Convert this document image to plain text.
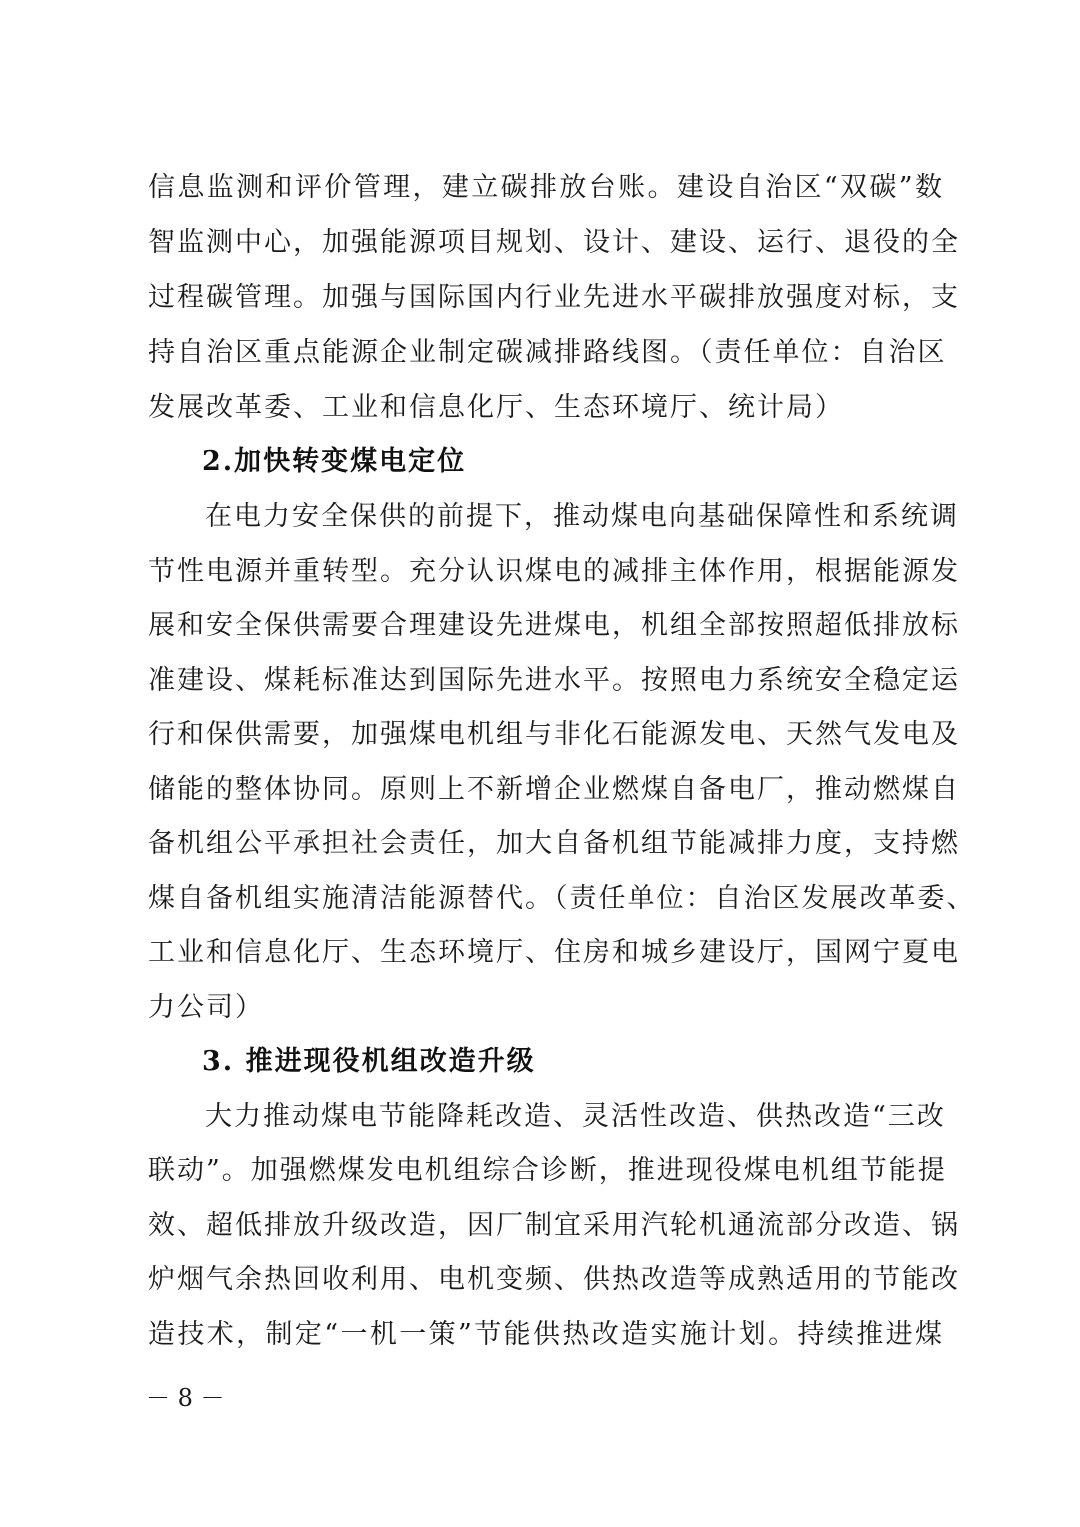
信息监测和评价管理，建立碳排放台账。建设自治区“双碳”数
智监测中心，加强能源项目规划、设计、建设、运行、退役的全
过程碳管理。加强与国际国内行业先进水平碳排放强度对标，支
持自治区重点能源企业制定碳减排路线图。（责任单位：自治区
发展改革委、工业和信息化厅、生态环境厅、统计局）
2.加快转变煤电定位
在电力安全保供的前提下，推动煤电向基础保障性和系统调
节性电源并重转型。充分认识煤电的减排主体作用，根据能源发
展和安全保供需要合理建设先进煤电，机组全部按照超低排放标
准建设、煤耗标准达到国际先进水平。按照电力系统安全稳定运
行和保供需要，加强煤电机组与非化石能源发电、天然气发电及
储能的整体协同。原则上不新增企业燃煤自备电厂，推动燃煤自
备机组公平承担社会责任，加大自备机组节能减排力度，支持燃
煤自备机组实施清洁能源替代。（责任单位：自治区发展改革委、
工业和信息化厅、生态环境厅、住房和城乡建设厅，国网宁夏电
力公司）
3. 推进现役机组改造升级
大力推动煤电节能降耗改造、灵活性改造、供热改造“三改
联动”。加强燃煤发电机组综合诊断，推进现役煤电机组节能提
效、超低排放升级改造，因厂制宜采用汽轮机通流部分改造、锅
炉烟气余热回收利用、电机变频、供热改造等成熟适用的节能改
造技术，制定“一机一策”节能供热改造实施计划。持续推进煤
－ 8 －
